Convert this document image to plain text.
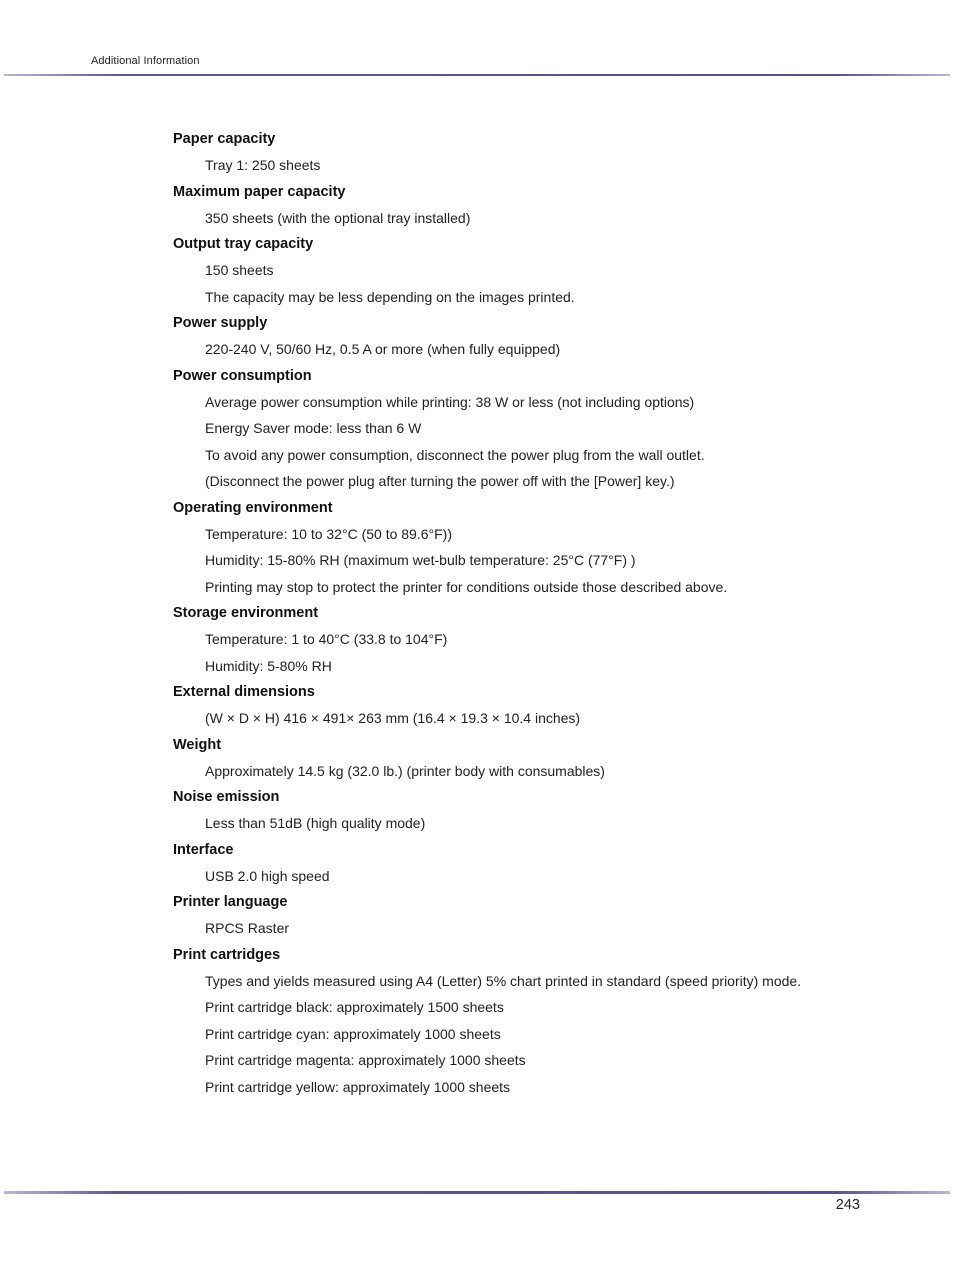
Additional Information
Paper capacity
Tray 1: 250 sheets
Maximum paper capacity
350 sheets (with the optional tray installed)
Output tray capacity
150 sheets
The capacity may be less depending on the images printed.
Power supply
220-240 V, 50/60 Hz, 0.5 A or more (when fully equipped)
Power consumption
Average power consumption while printing: 38 W or less (not including options)
Energy Saver mode: less than 6 W
To avoid any power consumption, disconnect the power plug from the wall outlet.
(Disconnect the power plug after turning the power off with the [Power] key.)
Operating environment
Temperature: 10 to 32°C (50 to 89.6°F))
Humidity: 15-80% RH (maximum wet-bulb temperature: 25°C (77°F) )
Printing may stop to protect the printer for conditions outside those described above.
Storage environment
Temperature: 1 to 40°C (33.8 to 104°F)
Humidity: 5-80% RH
External dimensions
(W × D × H) 416 × 491× 263 mm (16.4 × 19.3 × 10.4 inches)
Weight
Approximately 14.5 kg (32.0 lb.) (printer body with consumables)
Noise emission
Less than 51dB (high quality mode)
Interface
USB 2.0 high speed
Printer language
RPCS Raster
Print cartridges
Types and yields measured using A4 (Letter) 5% chart printed in standard (speed priority) mode.
Print cartridge black: approximately 1500 sheets
Print cartridge cyan: approximately 1000 sheets
Print cartridge magenta: approximately 1000 sheets
Print cartridge yellow: approximately 1000 sheets
243
